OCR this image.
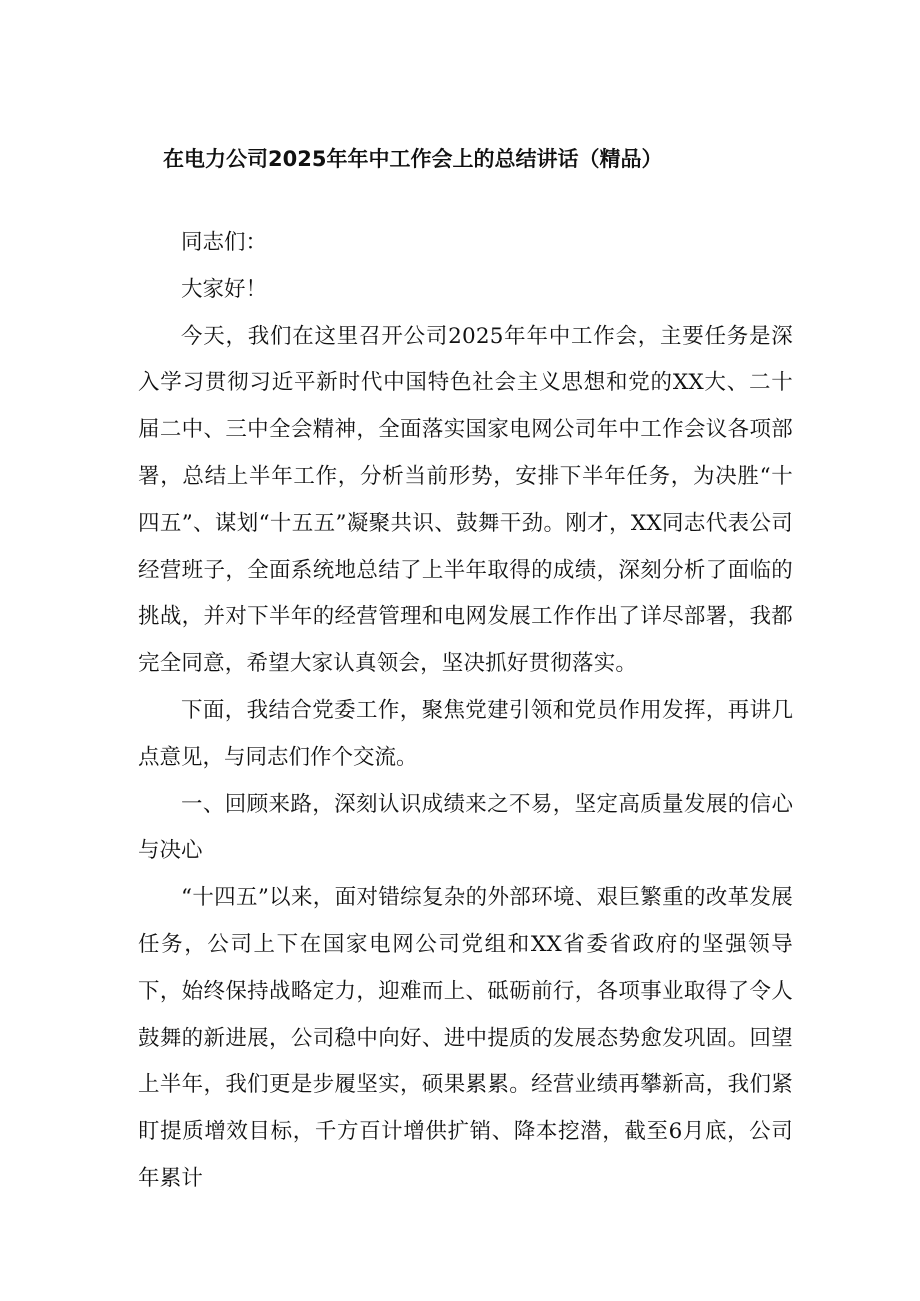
在电力公司2025年年中工作会上的总结讲话（精品）

同志们：

大家好！

今天，我们在这里召开公司2025年年中工作会，主要任务是深入学习贯彻习近平新时代中国特色社会主义思想和党的XX大、二十届二中、三中全会精神，全面落实国家电网公司年中工作会议各项部署，总结上半年工作，分析当前形势，安排下半年任务，为决胜“十四五”、谋划“十五五”凝聚共识、鼓舞干劲。刚才，XX同志代表公司经营班子，全面系统地总结了上半年取得的成绩，深刻分析了面临的挑战，并对下半年的经营管理和电网发展工作作出了详尽部署，我都完全同意，希望大家认真领会，坚决抓好贯彻落实。

下面，我结合党委工作，聚焦党建引领和党员作用发挥，再讲几点意见，与同志们作个交流。

一、回顾来路，深刻认识成绩来之不易，坚定高质量发展的信心与决心

“十四五”以来，面对错综复杂的外部环境、艰巨繁重的改革发展任务，公司上下在国家电网公司党组和XX省委省政府的坚强领导下，始终保持战略定力，迎难而上、砥砺前行，各项事业取得了令人鼓舞的新进展，公司稳中向好、进中提质的发展态势愈发巩固。回望上半年，我们更是步履坚实，硕果累累。经营业绩再攀新高，我们紧盯提质增效目标，千方百计增供扩销、降本挖潜，截至6月底，公司年累计
